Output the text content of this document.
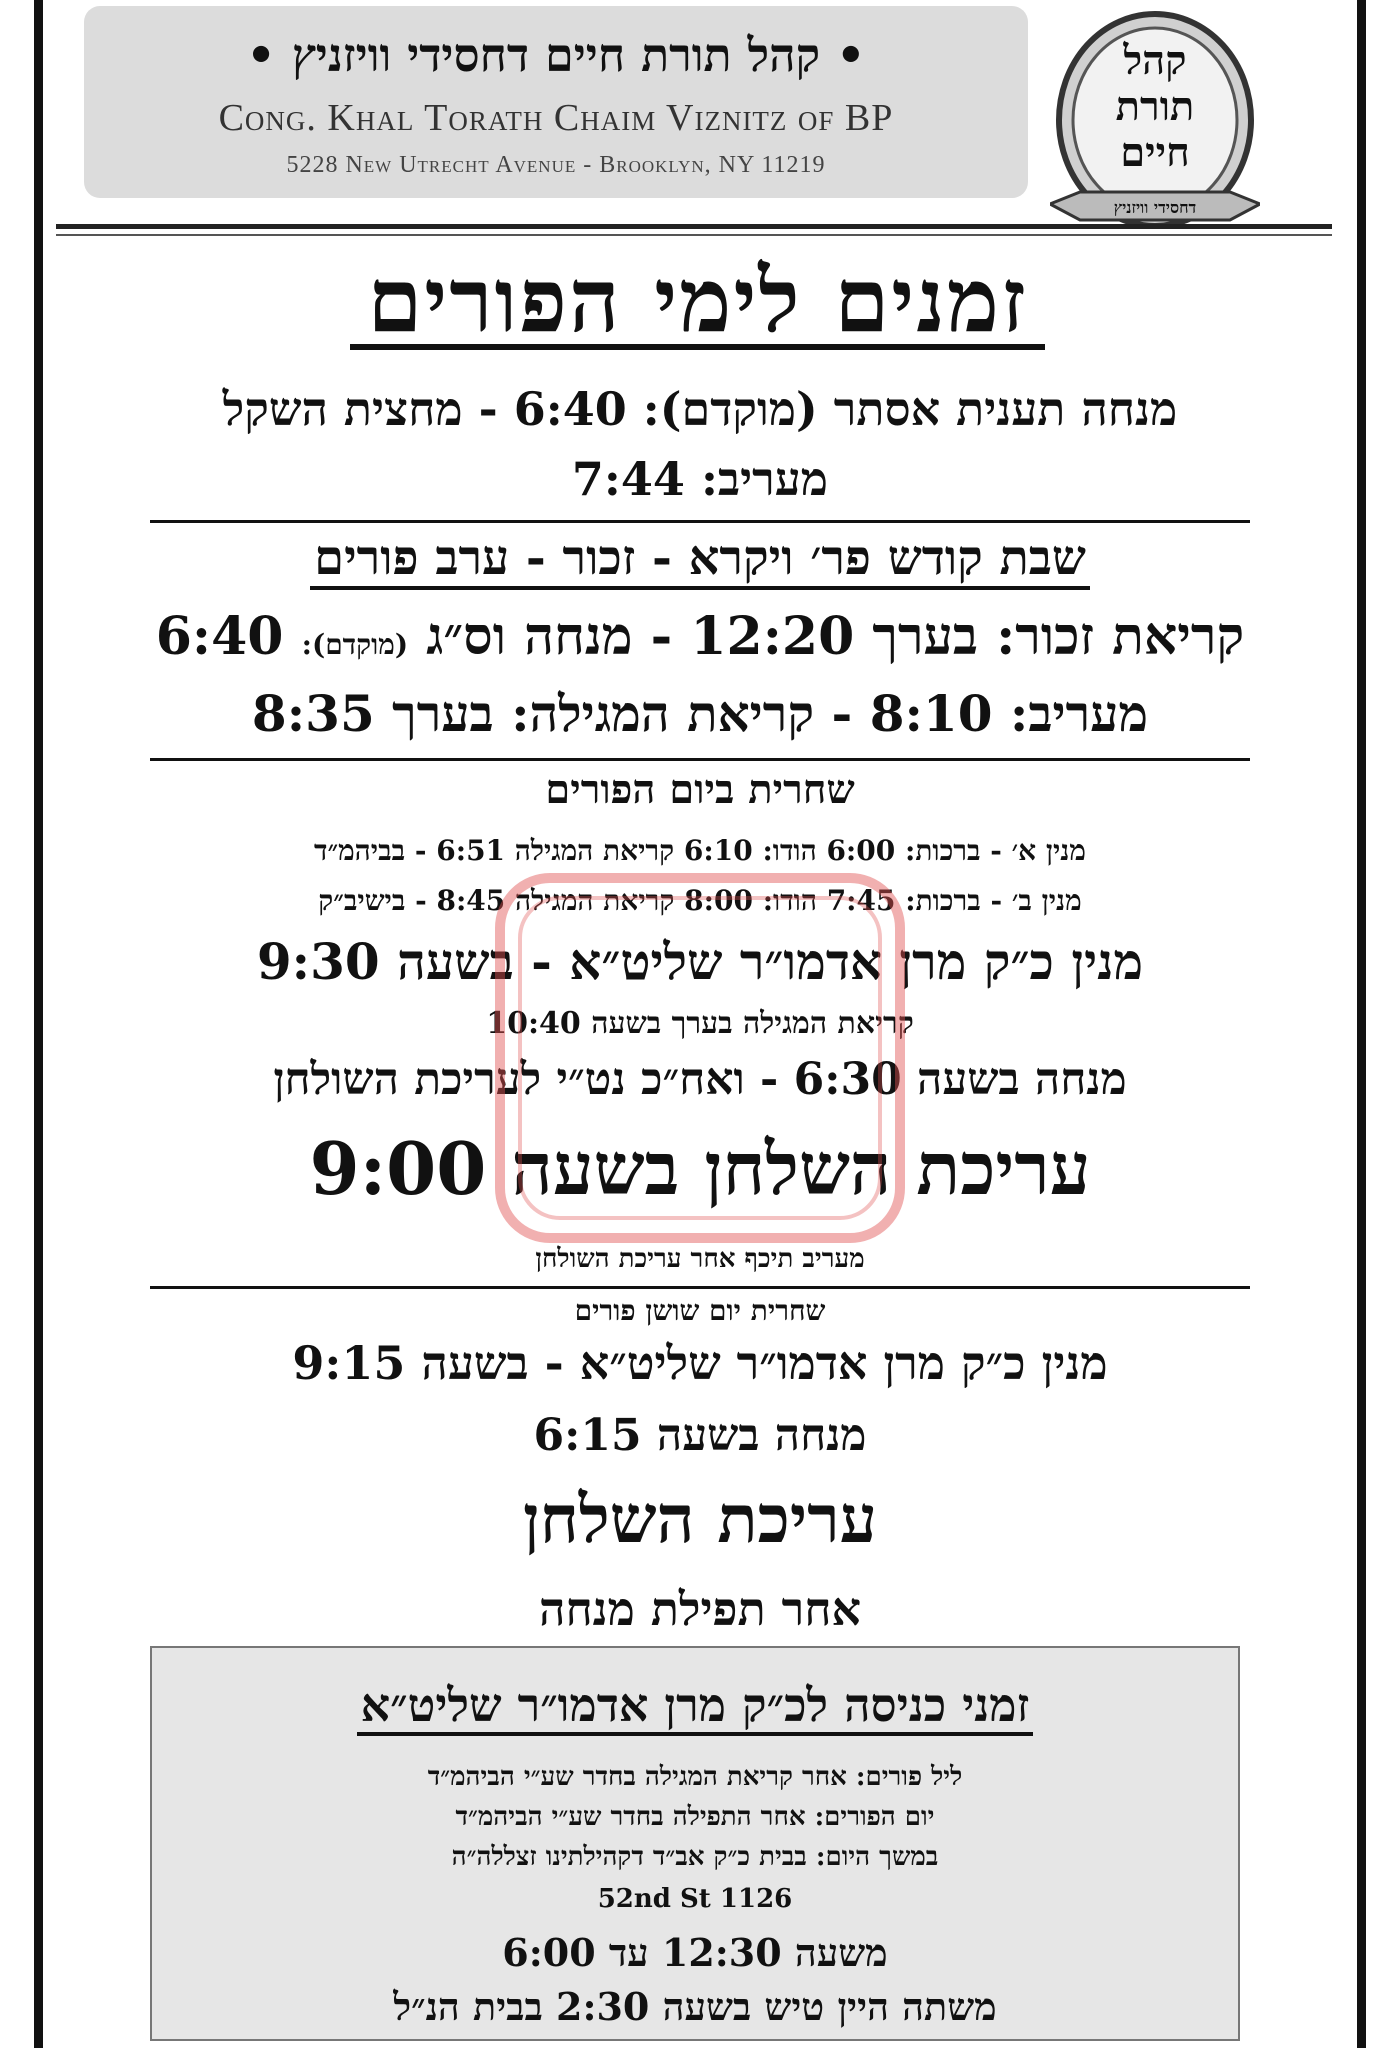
• קהל תורת חיים דחסידי וויזניץ •
Cong. Khal Torath Chaim Viznitz of BP
5228 New Utrecht Avenue - Brooklyn, NY 11219
קהל
תורת
חיים
דחסידי וויזניץ
זמנים לימי הפורים
מנחה תענית אסתר (מוקדם): 6:40 - מחצית השקל
מעריב: 7:44
שבת קודש פר׳ ויקרא - זכור - ערב פורים
קריאת זכור: בערך 12:20 - מנחה וס״ג (מוקדם): 6:40
מעריב: 8:10 - קריאת המגילה: בערך 8:35
שחרית ביום הפורים
מנין א׳ - ברכות: 6:00 הודו: 6:10 קריאת המגילה 6:51 - בביהמ״ד
מנין ב׳ - ברכות: 7:45 הודו: 8:00 קריאת המגילה 8:45 - בישיב״ק
מנין כ״ק מרן אדמו״ר שליט״א - בשעה 9:30
קריאת המגילה בערך בשעה 10:40
מנחה בשעה 6:30 - ואח״כ נט״י לעריכת השולחן
עריכת השלחן בשעה 9:00
מעריב תיכף אחר עריכת השולחן
שחרית יום שושן פורים
מנין כ״ק מרן אדמו״ר שליט״א - בשעה 9:15
מנחה בשעה 6:15
עריכת השלחן
אחר תפילת מנחה
זמני כניסה לכ״ק מרן אדמו״ר שליט״א
ליל פורים: אחר קריאת המגילה בחדר שע״י הביהמ״ד
יום הפורים: אחר התפילה בחדר שע״י הביהמ״ד
במשך היום: בבית כ״ק אב״ד דקהילתינו זצללה״ה
1126 52nd St
משעה 12:30 עד 6:00
משתה היין טיש בשעה 2:30 בבית הנ״ל
